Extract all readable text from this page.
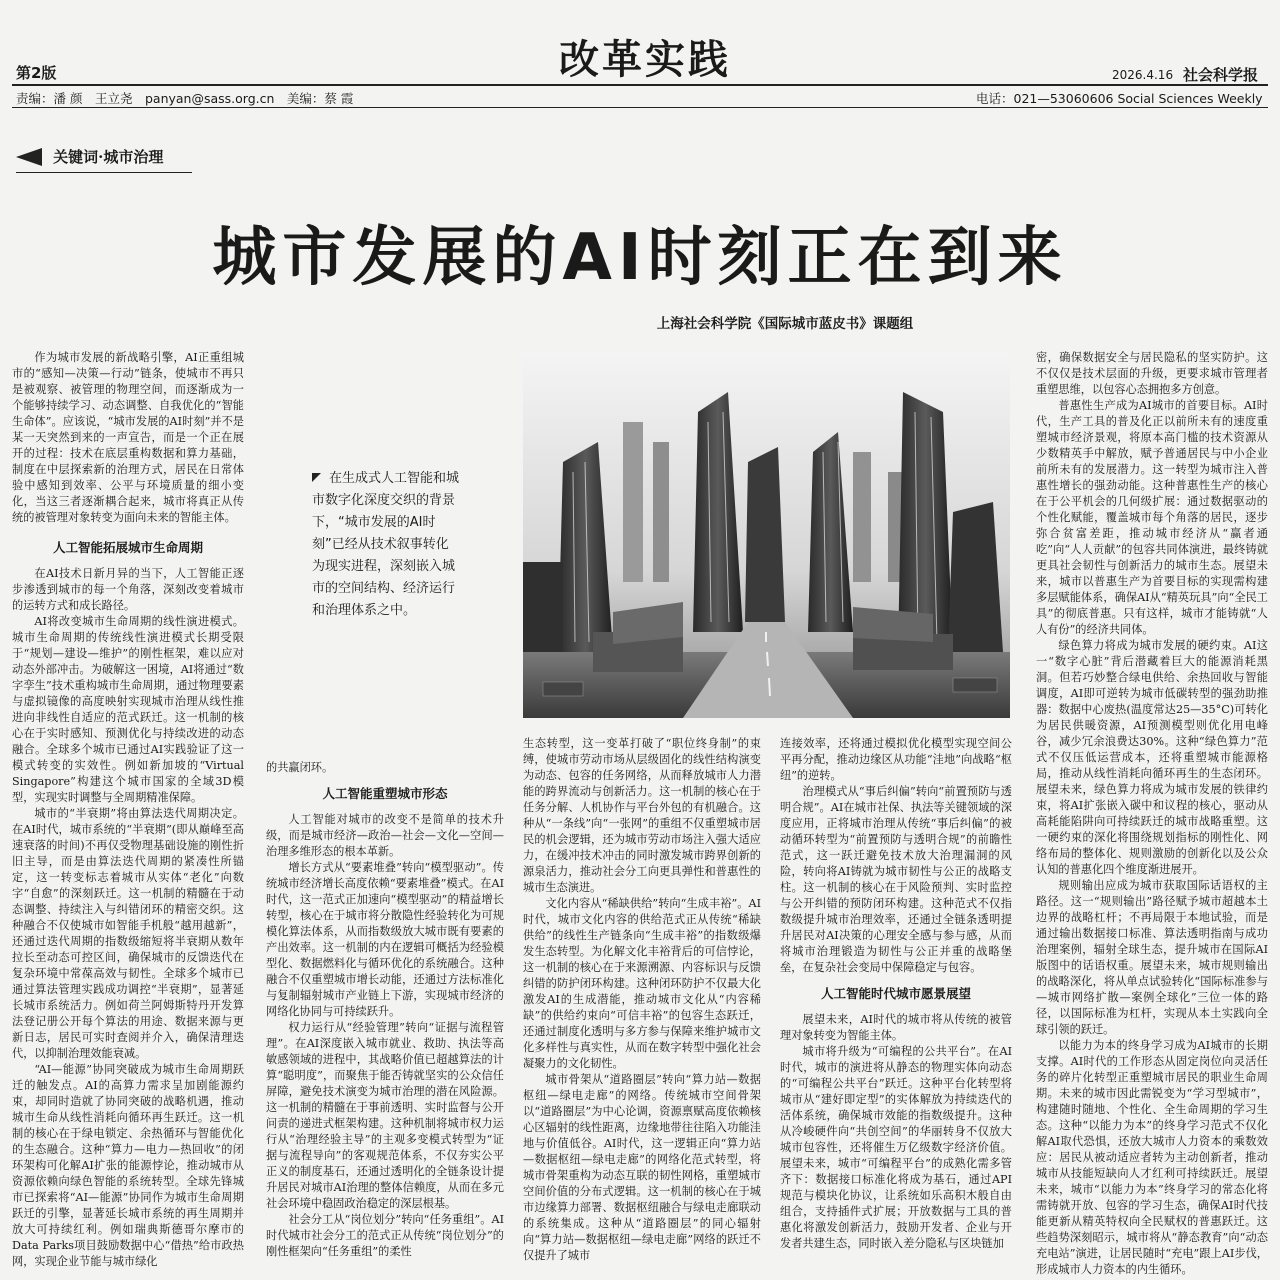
第2版	改革实践	2026.4.16 社会科学报
责编：潘 颜　王立尧　panyan@sass.org.cn　美编：蔡 霞	电话：021—53060606 Social Sciences Weekly
关键词·城市治理
城市发展的AI时刻正在到来
上海社会科学院《国际城市蓝皮书》课题组

作为城市发展的新战略引擎，AI正重组城市的“感知—决策—行动”链条，使城市不再只是被观察、被管理的物理空间，而逐渐成为一个能够持续学习、动态调整、自我优化的“智能生命体”。应该说，“城市发展的AI时刻”并不是某一天突然到来的一声宣告，而是一个正在展开的过程：技术在底层重构数据和算力基础，制度在中层探索新的治理方式，居民在日常体验中感知到效率、公平与环境质量的细小变化，当这三者逐渐耦合起来，城市将真正从传统的被管理对象转变为面向未来的智能主体。

人工智能拓展城市生命周期

在AI技术日新月异的当下，人工智能正逐步渗透到城市的每一个角落，深刻改变着城市的运转方式和成长路径。

AI将改变城市生命周期的线性演进模式。城市生命周期的传统线性演进模式长期受限于“规划—建设—维护”的刚性框架，难以应对动态外部冲击。为破解这一困境，AI将通过“数字孪生”技术重构城市生命周期，通过物理要素与虚拟镜像的高度映射实现城市治理从线性推进向非线性自适应的范式跃迁。这一机制的核心在于实时感知、预测优化与持续改进的动态融合。全球多个城市已通过AI实践验证了这一模式转变的实效性。例如新加坡的“Virtual Singapore”构建这个城市国家的全域3D模型，实现实时调整与全周期精准保障。

城市的“半衰期”将由算法迭代周期决定。在AI时代，城市系统的“半衰期”(即从巅峰至高速衰落的时间)不再仅受物理基础设施的刚性折旧主导，而是由算法迭代周期的紧凑性所锚定，这一转变标志着城市从实体“老化”向数字“自愈”的深刻跃迁。这一机制的精髓在于动态调整、持续注入与纠错闭环的精密交织。这种融合不仅使城市如智能手机般“越用越新”，还通过迭代周期的指数级缩短将半衰期从数年拉长至动态可控区间，确保城市的反馈迭代在复杂环境中常葆高效与韧性。全球多个城市已通过算法管理实践成功调控“半衰期”，显著延长城市系统活力。例如荷兰阿姆斯特丹开发算法登记册公开每个算法的用途、数据来源与更新日志，居民可实时查阅并介入，确保清理迭代，以抑制治理效能衰减。

“AI—能源”协同突破成为城市生命周期跃迁的触发点。AI的高算力需求呈加剧能源约束，却同时造就了协同突破的战略机遇，推动城市生命从线性消耗向循环再生跃迁。这一机制的核心在于绿电锁定、余热循环与智能优化的生态融合。这种“算力—电力—热回收”的闭环架构可化解AI扩张的能源悖论，推动城市从资源依赖向绿色智能的系统转型。全球先锋城市已探索将“AI—能源”协同作为城市生命周期跃迁的引擎，显著延长城市系统的再生周期并放大可持续红利。例如瑞典斯德哥尔摩市的Data Parks项目鼓励数据中心“借热”给市政热网，实现企业节能与城市绿化

在生成式人工智能和城市数字化深度交织的背景下，“城市发展的AI时刻”已经从技术叙事转化为现实进程，深刻嵌入城市的空间结构、经济运行和治理体系之中。

的共赢闭环。

人工智能重塑城市形态

人工智能对城市的改变不是简单的技术升级，而是城市经济—政治—社会—文化—空间—治理多维形态的根本革新。

增长方式从“要素堆叠”转向“模型驱动”。传统城市经济增长高度依赖“要素堆叠”模式。在AI时代，这一范式正加速向“模型驱动”的精益增长转型，核心在于城市将分散隐性经验转化为可规模化算法体系，从而指数级放大城市既有要素的产出效率。这一机制的内在逻辑可概括为经验模型化、数据燃料化与循环优化的系统融合。这种融合不仅重塑城市增长动能，还通过方法标准化与复制辐射城市产业链上下游，实现城市经济的网络化协同与可持续跃升。

权力运行从“经验管理”转向“证据与流程管理”。在AI深度嵌入城市就业、救助、执法等高敏感领域的进程中，其战略价值已超越算法的计算“聪明度”，而聚焦于能否铸就坚实的公众信任屏障，避免技术演变为城市治理的潜在风险源。这一机制的精髓在于事前透明、实时监督与公开问责的递进式框架构建。这种机制将城市权力运行从“治理经验主导”的主观多变模式转型为“证据与流程导向”的客观规范体系，不仅夯实公平正义的制度基石，还通过透明化的全链条设计提升居民对城市AI治理的整体信赖度，从而在多元社会环境中稳固政治稳定的深层根基。

社会分工从“岗位划分”转向“任务重组”。AI时代城市社会分工的范式正从传统“岗位划分”的刚性框架向“任务重组”的柔性

生态转型，这一变革打破了“职位终身制”的束缚，使城市劳动市场从层级固化的线性结构演变为动态、包容的任务网络，从而释放城市人力潜能的跨界流动与创新活力。这一机制的核心在于任务分解、人机协作与平台外包的有机融合。这种从“一条线”向“一张网”的重组不仅重塑城市居民的机会逻辑，还为城市劳动市场注入强大适应力，在缓冲技术冲击的同时激发城市跨界创新的源泉活力，推动社会分工向更具弹性和普惠性的城市生态演进。

文化内容从“稀缺供给”转向“生成丰裕”。AI时代，城市文化内容的供给范式正从传统“稀缺供给”的线性生产链条向“生成丰裕”的指数级爆发生态转型。为化解文化丰裕背后的可信悖论，这一机制的核心在于来源溯源、内容标识与反馈纠错的防护闭环构建。这种闭环防护不仅最大化激发AI的生成潜能，推动城市文化从“内容稀缺”的供给约束向“可信丰裕”的包容生态跃迁，还通过制度化透明与多方参与保障来维护城市文化多样性与真实性，从而在数字转型中强化社会凝聚力的文化韧性。

城市骨架从“道路圈层”转向“算力站—数据枢纽—绿电走廊”的网络。传统城市空间骨架以“道路圈层”为中心论调，资源禀赋高度依赖核心区辐射的线性距离，边缘地带往往陷入功能洼地与价值低谷。AI时代，这一逻辑正向“算力站—数据枢纽—绿电走廊”的网络化范式转型，将城市骨架重构为动态互联的韧性网格，重塑城市空间价值的分布式逻辑。这一机制的核心在于城市边缘算力部署、数据枢纽融合与绿电走廊联动的系统集成。这种从“道路圈层”的同心辐射向“算力站—数据枢纽—绿电走廊”网络的跃迁不仅提升了城市

连接效率，还将通过模拟优化模型实现空间公平再分配，推动边缘区从功能“洼地”向战略“枢纽”的逆转。

治理模式从“事后纠偏”转向“前置预防与透明合规”。AI在城市社保、执法等关键领域的深度应用，正将城市治理从传统“事后纠偏”的被动循环转型为“前置预防与透明合规”的前瞻性范式，这一跃迁避免技术放大治理漏洞的风险，转向将AI铸就为城市韧性与公正的战略支柱。这一机制的核心在于风险预判、实时监控与公开纠错的预防闭环构建。这种范式不仅指数级提升城市治理效率，还通过全链条透明提升居民对AI决策的心理安全感与参与感，从而将城市治理锻造为韧性与公正并重的战略堡垒，在复杂社会变局中保障稳定与包容。

人工智能时代城市愿景展望

展望未来，AI时代的城市将从传统的被管理对象转变为智能主体。

城市将升级为“可编程的公共平台”。在AI时代，城市的演进将从静态的物理实体向动态的“可编程公共平台”跃迁。这种平台化转型将城市从“建好即定型”的实体解放为持续迭代的活体系统，确保城市效能的指数级提升。这种从冷峻硬件向“共创空间”的华丽转身不仅放大城市包容性，还将催生万亿级数字经济价值。展望未来，城市“可编程平台”的成熟化需多管齐下：数据接口标准化将成为基石，通过API规范与模块化协议，让系统如乐高积木般自由组合，支持插件式扩展；开放数据与工具的普惠化将激发创新活力，鼓励开发者、企业与开发者共建生态，同时嵌入差分隐私与区块链加

密，确保数据安全与居民隐私的坚实防护。这不仅仅是技术层面的升级，更要求城市管理者重塑思维，以包容心态拥抱多方创意。

普惠性生产成为AI城市的首要目标。AI时代，生产工具的普及化正以前所未有的速度重塑城市经济景观，将原本高门槛的技术资源从少数精英手中解放，赋予普通居民与中小企业前所未有的发展潜力。这一转型为城市注入普惠性增长的强劲动能。这种普惠性生产的核心在于公平机会的几何级扩展：通过数据驱动的个性化赋能，覆盖城市每个角落的居民，逐步弥合贫富差距，推动城市经济从“赢者通吃”向“人人贡献”的包容共同体演进，最终铸就更具社会韧性与创新活力的城市生态。展望未来，城市以普惠生产为首要目标的实现需构建多层赋能体系，确保AI从“精英玩具”向“全民工具”的彻底普惠。只有这样，城市才能铸就“人人有份”的经济共同体。

绿色算力将成为城市发展的硬约束。AI这一“数字心脏”背后潜藏着巨大的能源消耗黑洞。但若巧妙整合绿电供给、余热回收与智能调度，AI即可逆转为城市低碳转型的强劲助推器：数据中心废热(温度常达25—35°C)可转化为居民供暖资源，AI预测模型则优化用电峰谷，减少冗余浪费达30%。这种“绿色算力”范式不仅压低运营成本，还将重塑城市能源格局，推动从线性消耗向循环再生的生态闭环。展望未来，绿色算力将成为城市发展的铁律约束，将AI扩张嵌入碳中和议程的核心，驱动从高耗能陷阱向可持续跃迁的城市战略重塑。这一硬约束的深化将围绕规划指标的刚性化、网络布局的整体化、规则激励的创新化以及公众认知的普惠化四个维度渐进展开。

规则输出应成为城市获取国际话语权的主路径。这一“规则输出”路径赋予城市超越本土边界的战略杠杆；不再局限于本地试验，而是通过输出数据接口标准、算法透明指南与成功治理案例，辐射全球生态，提升城市在国际AI版图中的话语权重。展望未来，城市规则输出的战略深化，将从单点试验转化“国际标准参与—城市网络扩散—案例全球化”三位一体的路径，以国际标准为杠杆，实现从本土实践向全球引领的跃迁。

以能力为本的终身学习成为AI城市的长期支撑。AI时代的工作形态从固定岗位向灵活任务的碎片化转型正重塑城市居民的职业生命周期。未来的城市因此需锐变为“学习型城市”，构建随时随地、个性化、全生命周期的学习生态。这种“以能力为本”的终身学习范式不仅化解AI取代恐惧，还放大城市人力资本的乘数效应：居民从被动适应者转为主动创新者，推动城市从技能短缺向人才红利可持续跃迁。展望未来，城市“以能力为本”终身学习的常态化将需铸就开放、包容的学习生态，确保AI时代技能更新从精英特权向全民赋权的普惠跃迁。这些趋势深刻昭示，城市将从“静态教育”向“动态充电站”演进，让居民随时“充电”跟上AI步伐，形成城市人力资本的内生循环。
